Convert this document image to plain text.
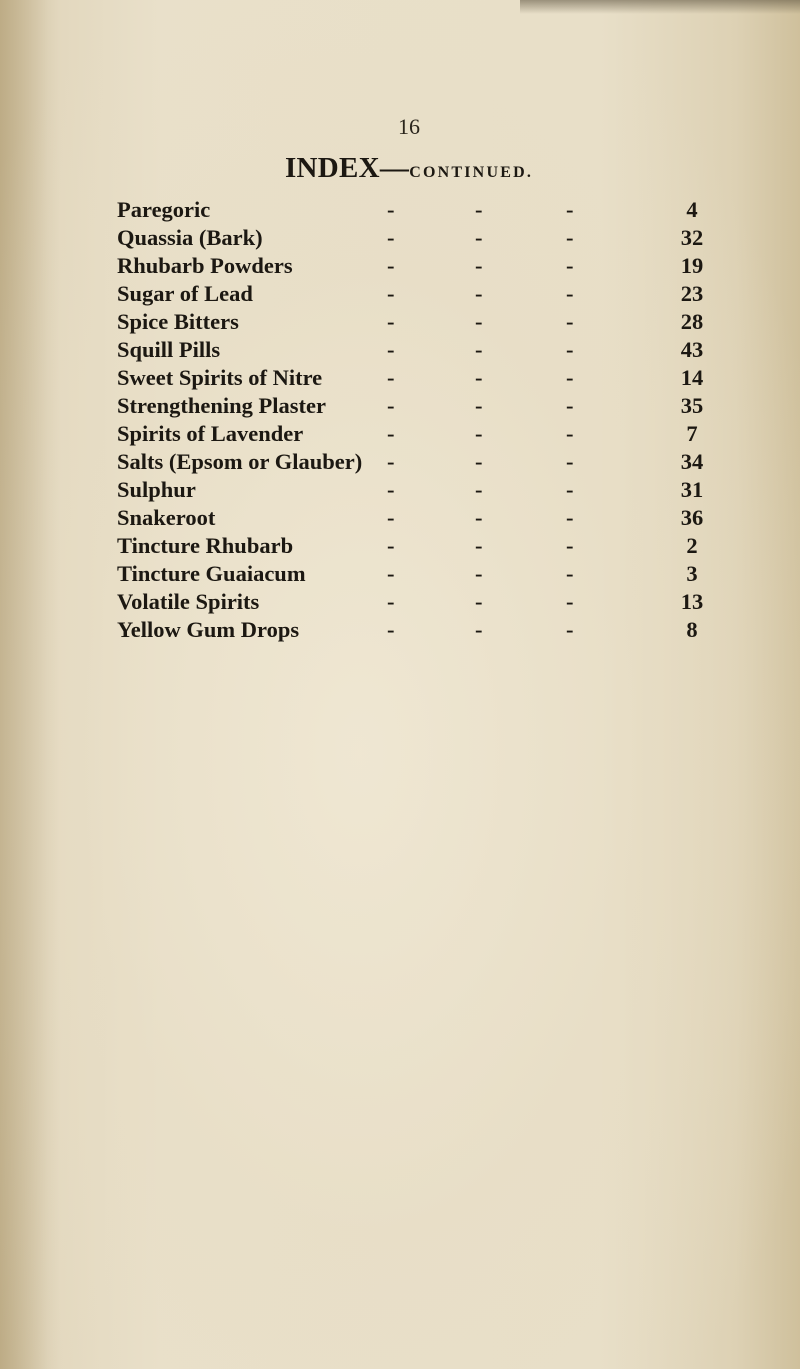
16
INDEX—CONTINUED.
Paregoric	-	-	-	4
Quassia (Bark)	-	-	-	32
Rhubarb Powders	-	-	-	19
Sugar of Lead	-	-	-	23
Spice Bitters	-	-	-	28
Squill Pills	-	-	-	43
Sweet Spirits of Nitre	-	-	-	14
Strengthening Plaster	-	-	-	35
Spirits of Lavender	-	-	-	7
Salts (Epsom or Glauber) -	-	-	34
Sulphur	-	-	-	31
Snakeroot	-	-	-	36
Tincture Rhubarb	-	-	-	2
Tincture Guaiacum	-	-	-	3
Volatile Spirits	-	-	-	13
Yellow Gum Drops	-	-	-	8
